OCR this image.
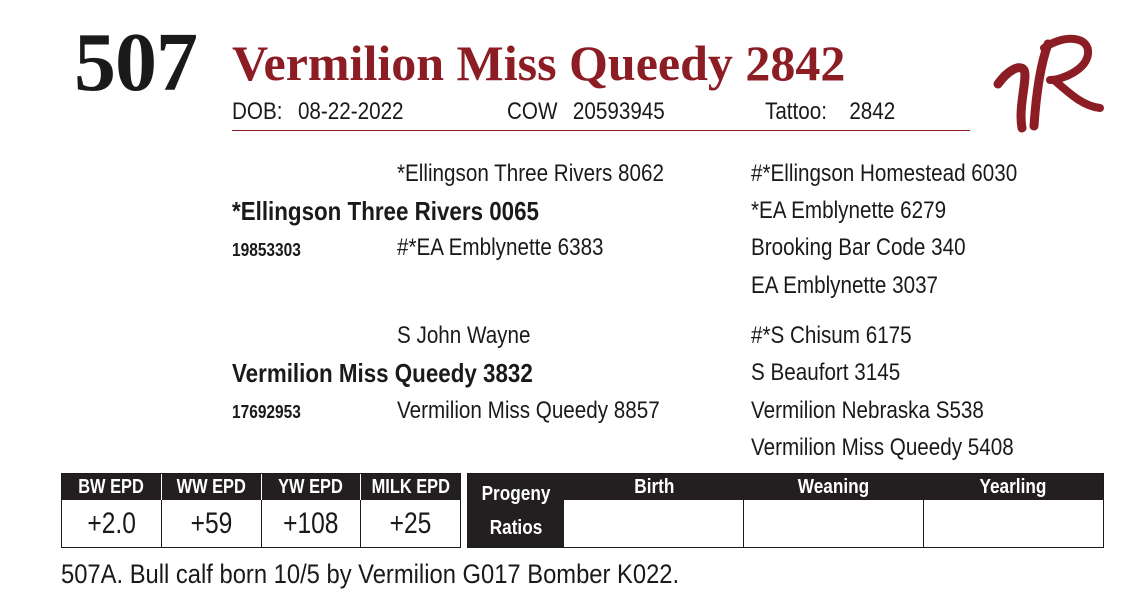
507 Vermilion Miss Queedy 2842
DOB: 08-22-2022	COW 20593945	Tattoo: 2842
*Ellingson Three Rivers 8062
*Ellingson Three Rivers 0065
19853303	#*EA Emblynette 6383
#*Ellingson Homestead 6030
*EA Emblynette 6279
Brooking Bar Code 340
EA Emblynette 3037
S John Wayne
Vermilion Miss Queedy 3832
17692953	Vermilion Miss Queedy 8857
#*S Chisum 6175
S Beaufort 3145
Vermilion Nebraska S538
Vermilion Miss Queedy 5408
BW EPD	WW EPD	YW EPD	MILK EPD
+2.0	+59	+108	+25
Progeny
Ratios
Birth	Weaning	Yearling
507A. Bull calf born 10/5 by Vermilion G017 Bomber K022.
